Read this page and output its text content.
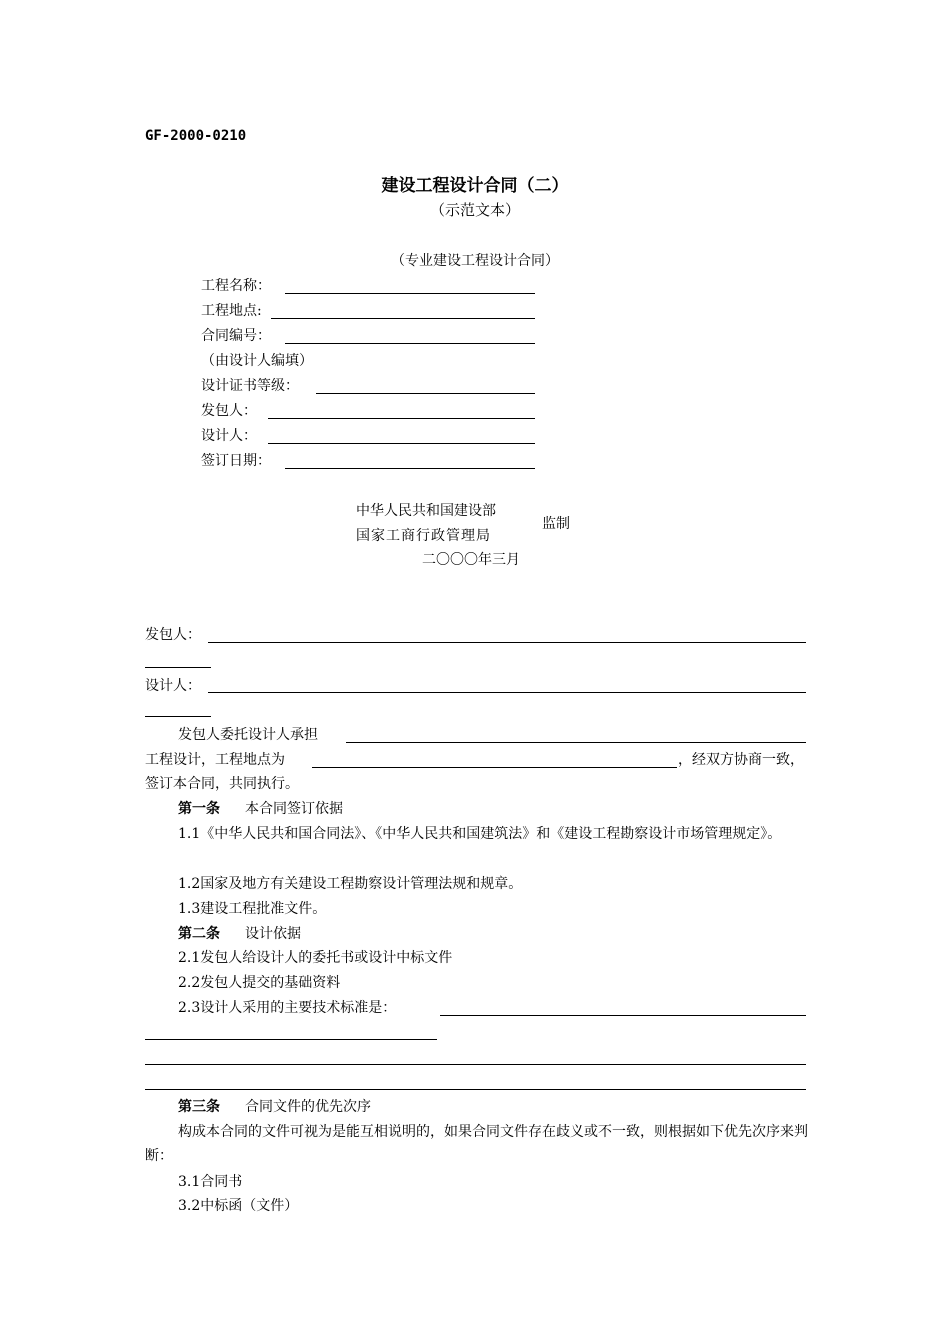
GF-2000-0210
建设工程设计合同（二）
（示范文本）
（专业建设工程设计合同）
工程名称：
工程地点:
合同编号：
（由设计人编填）
设计证书等级：
发包人：
设计人：
签订日期：
中华人民共和国建设部
国家工商行政管理局
监制
二〇〇〇年三月
发包人：
设计人：
发包人委托设计人承担
工程设计，工程地点为	，经双方协商一致，
签订本合同，共同执行。
第一条 本合同签订依据
1.1《中华人民共和国合同法》、《中华人民共和国建筑法》和《建设工程勘察设计市场管理规定》。
1.2国家及地方有关建设工程勘察设计管理法规和规章。
1.3建设工程批准文件。
第二条 设计依据
2.1发包人给设计人的委托书或设计中标文件
2.2发包人提交的基础资料
2.3设计人采用的主要技术标准是：
第三条 合同文件的优先次序
构成本合同的文件可视为是能互相说明的，如果合同文件存在歧义或不一致，则根据如下优先次序来判断：
3.1合同书
3.2中标函（文件）
